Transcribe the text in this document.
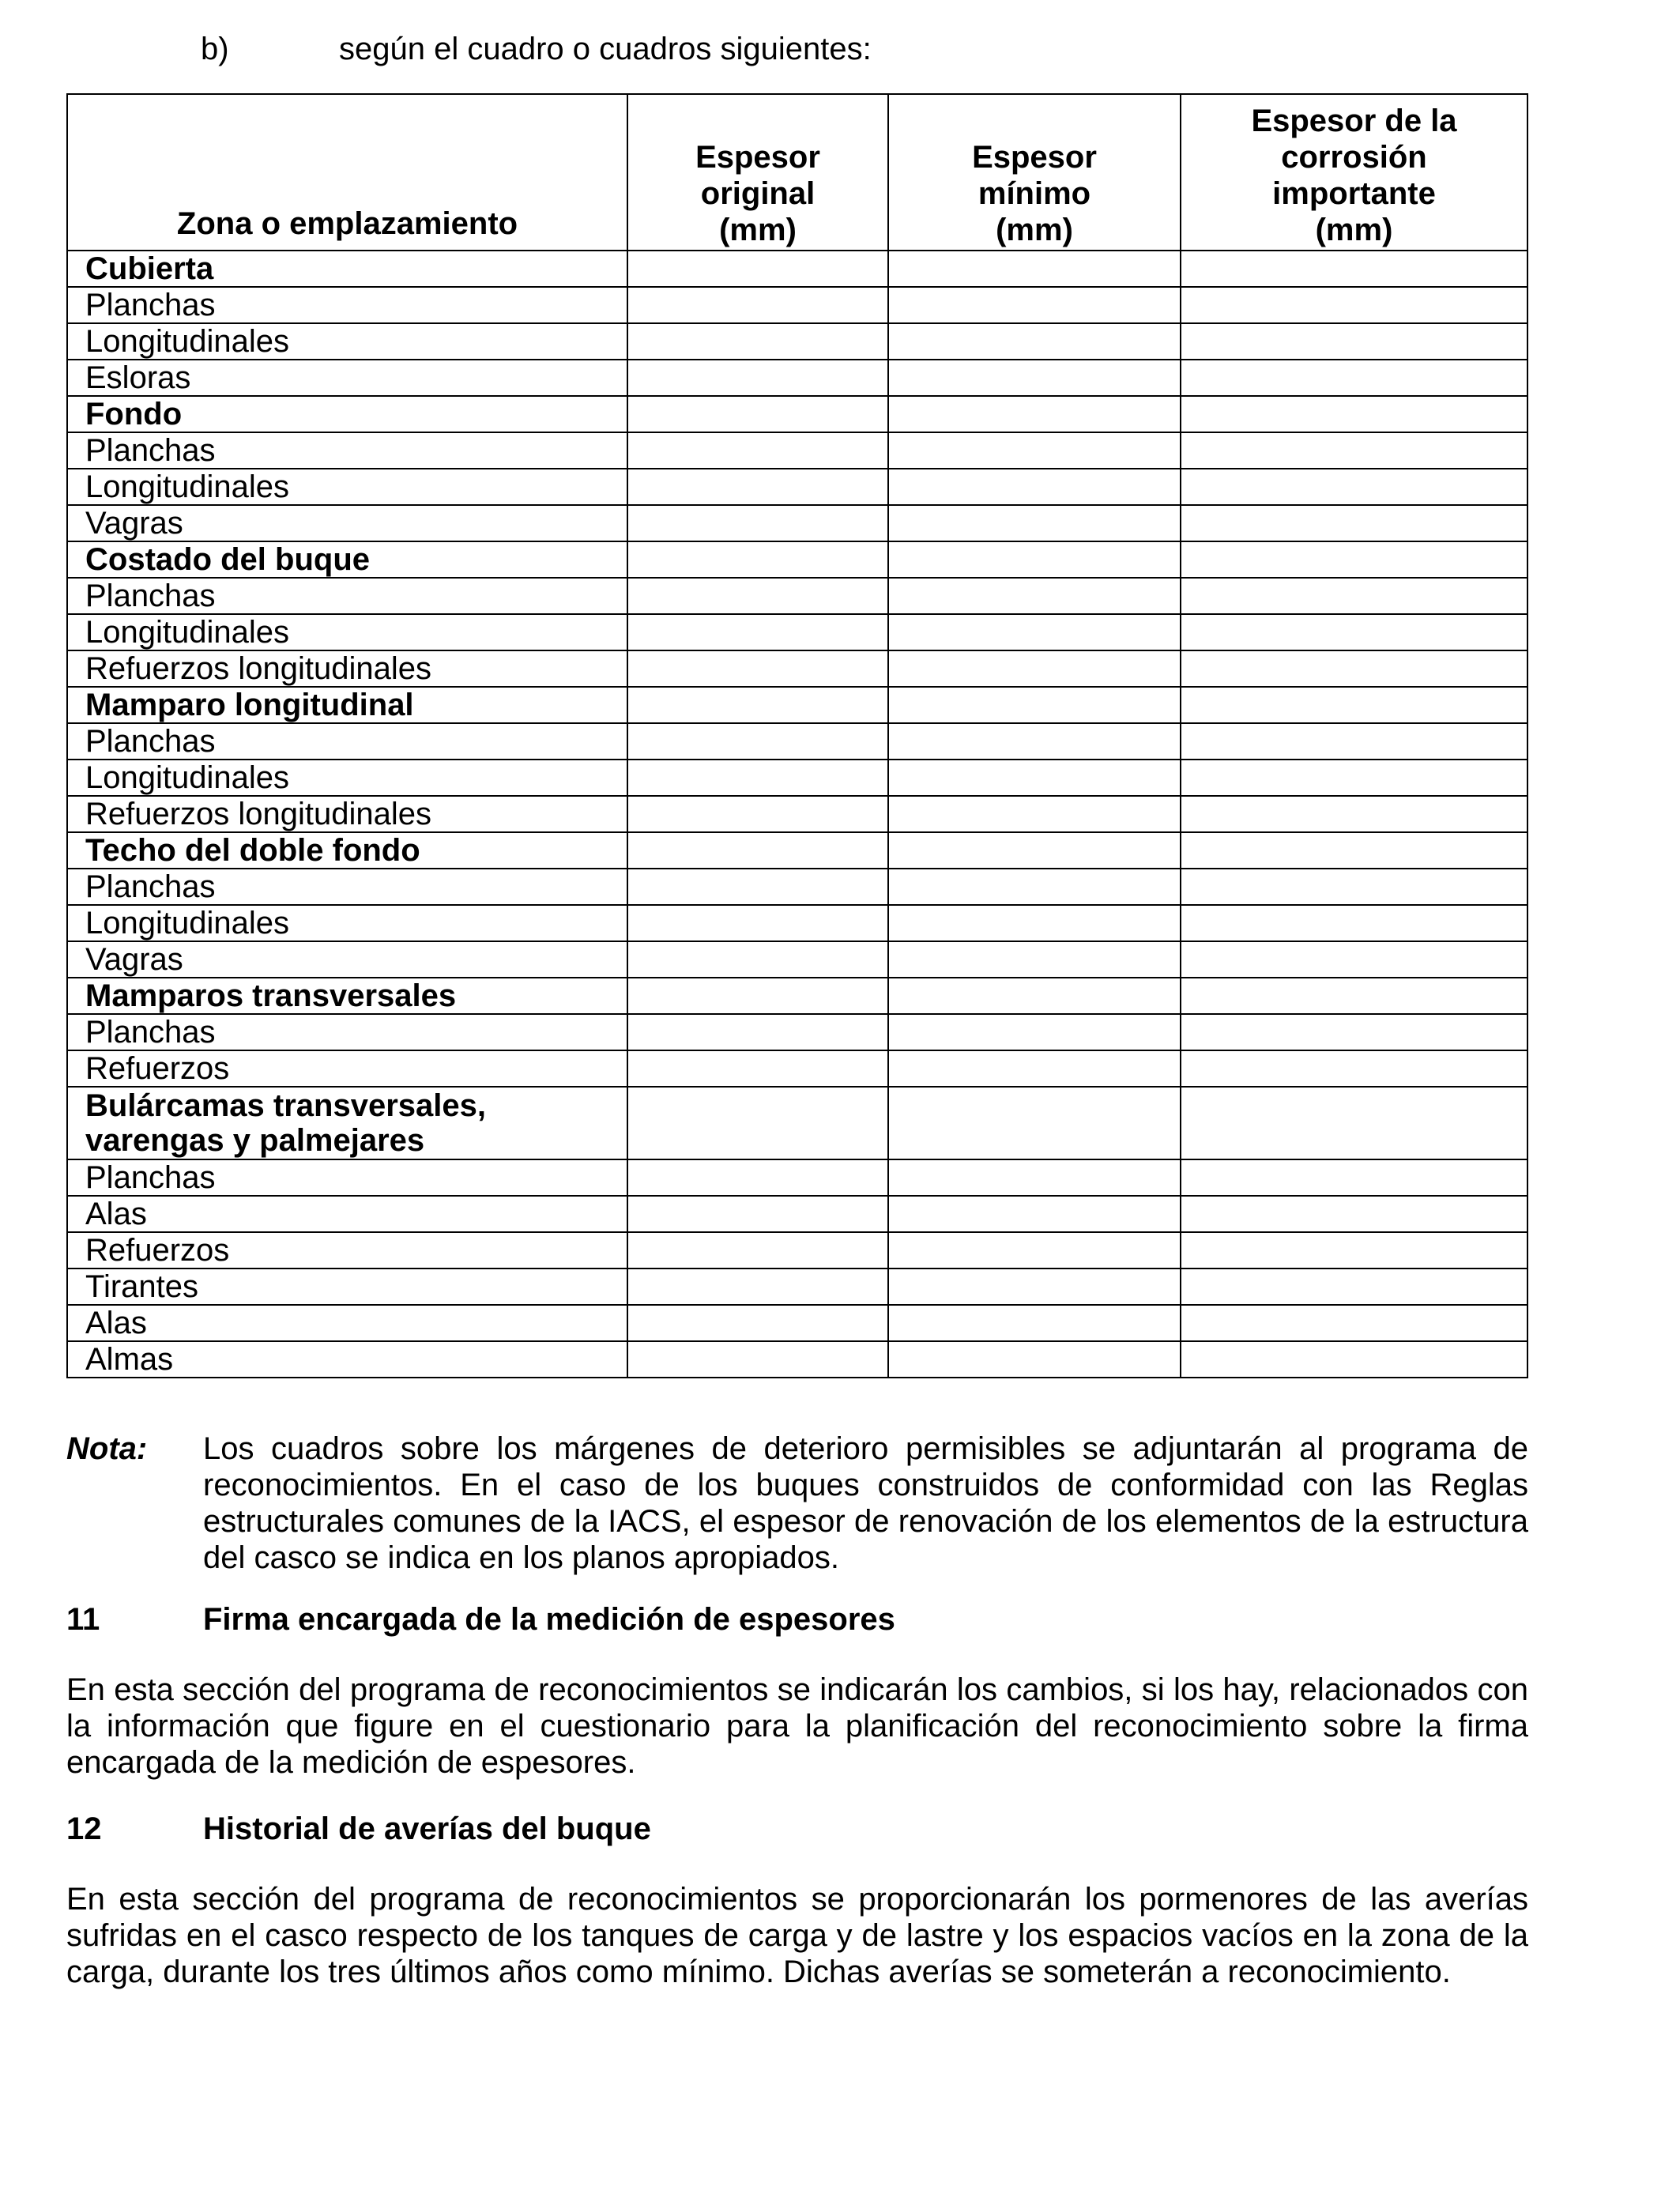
b)	según el cuadro o cuadros siguientes:
Zona o emplazamiento	Espesor
original
(mm)	Espesor
mínimo
(mm)	Espesor de la
corrosión
importante
(mm)
Cubierta			
Planchas			
Longitudinales			
Esloras			
Fondo			
Planchas			
Longitudinales			
Vagras			
Costado del buque			
Planchas			
Longitudinales			
Refuerzos longitudinales			
Mamparo longitudinal			
Planchas			
Longitudinales			
Refuerzos longitudinales			
Techo del doble fondo			
Planchas			
Longitudinales			
Vagras			
Mamparos transversales			
Planchas			
Refuerzos			
Bulárcamas transversales, varengas y palmejares			
Planchas			
Alas			
Refuerzos			
Tirantes			
Alas			
Almas			
Nota: Los cuadros sobre los márgenes de deterioro permisibles se adjuntarán al programa de reconocimientos. En el caso de los buques construidos de conformidad con las Reglas estructurales comunes de la IACS, el espesor de renovación de los elementos de la estructura del casco se indica en los planos apropiados.
11	Firma encargada de la medición de espesores
En esta sección del programa de reconocimientos se indicarán los cambios, si los hay, relacionados con la información que figure en el cuestionario para la planificación del reconocimiento sobre la firma encargada de la medición de espesores.
12	Historial de averías del buque
En esta sección del programa de reconocimientos se proporcionarán los pormenores de las averías sufridas en el casco respecto de los tanques de carga y de lastre y los espacios vacíos en la zona de la carga, durante los tres últimos años como mínimo. Dichas averías se someterán a reconocimiento.
